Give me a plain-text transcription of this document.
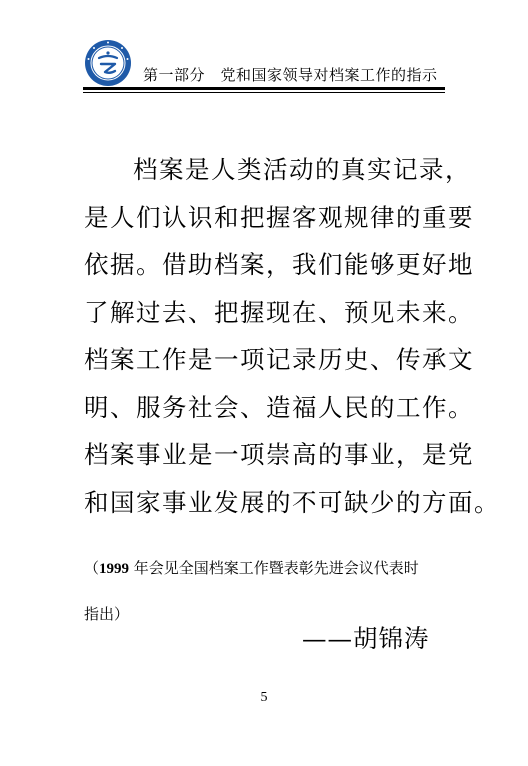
第一部分　党和国家领导对档案工作的指示
档案是人类活动的真实记录，
是人们认识和把握客观规律的重要
依据。借助档案，我们能够更好地
了解过去、把握现在、预见未来。
档案工作是一项记录历史、传承文
明、服务社会、造福人民的工作。
档案事业是一项崇高的事业，是党
和国家事业发展的不可缺少的方面。
（1999 年会见全国档案工作暨表彰先进会议代表时
指出）
——胡锦涛
5
